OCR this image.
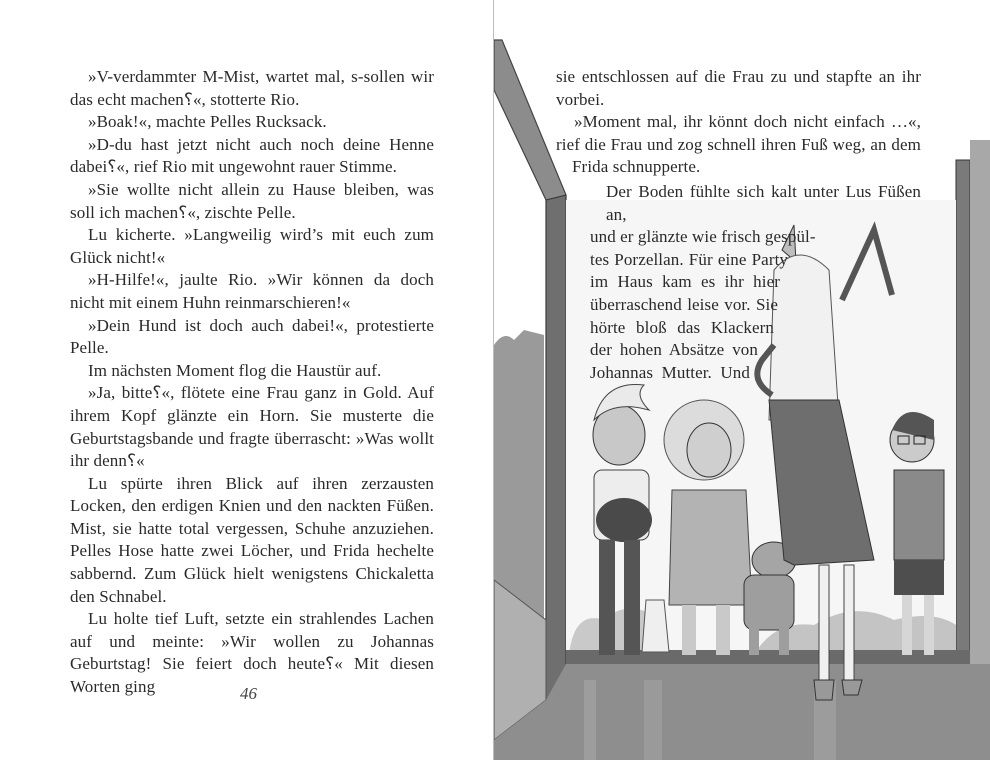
»V-verdammter M-Mist, wartet mal, s-sollen wir das echt machen⸮«, stotterte Rio.

»Boak!«, machte Pelles Rucksack.

»D-du hast jetzt nicht auch noch deine Henne dabei⸮«, rief Rio mit ungewohnt rauer Stimme.

»Sie wollte nicht allein zu Hause bleiben, was soll ich machen⸮«, zischte Pelle.

Lu kicherte. »Langweilig wird’s mit euch zum Glück nicht!«

»H-Hilfe!«, jaulte Rio. »Wir können da doch nicht mit einem Huhn reinmarschieren!«

»Dein Hund ist doch auch dabei!«, protestierte Pelle.

Im nächsten Moment flog die Haustür auf.

»Ja, bitte⸮«, flötete eine Frau ganz in Gold. Auf ihrem Kopf glänzte ein Horn. Sie musterte die Geburtstagsbande und fragte überrascht: »Was wollt ihr denn⸮«

Lu spürte ihren Blick auf ihren zerzausten Locken, den erdigen Knien und den nackten Füßen. Mist, sie hatte total vergessen, Schuhe anzuziehen. Pelles Hose hatte zwei Löcher, und Frida hechelte sabbernd. Zum Glück hielt wenigstens Chickaletta den Schnabel.

Lu holte tief Luft, setzte ein strahlendes Lachen auf und meinte: »Wir wollen zu Johannas Geburtstag! Sie feiert doch heute⸮« Mit diesen Worten ging	46
sie entschlossen auf die Frau zu und stapfte an ihr
vorbei.
»Moment mal, ihr könnt doch nicht einfach …«,
rief die Frau und zog schnell ihren Fuß weg, an dem
Frida schnupperte.
Der Boden fühlte sich kalt unter Lus Füßen an,
und er glänzte wie frisch gespül-
tes Porzellan. Für eine Party
im Haus kam es ihr hier
überraschend leise vor. Sie
hörte bloß das Klackern
der hohen Absätze von
Johannas Mutter. Und
